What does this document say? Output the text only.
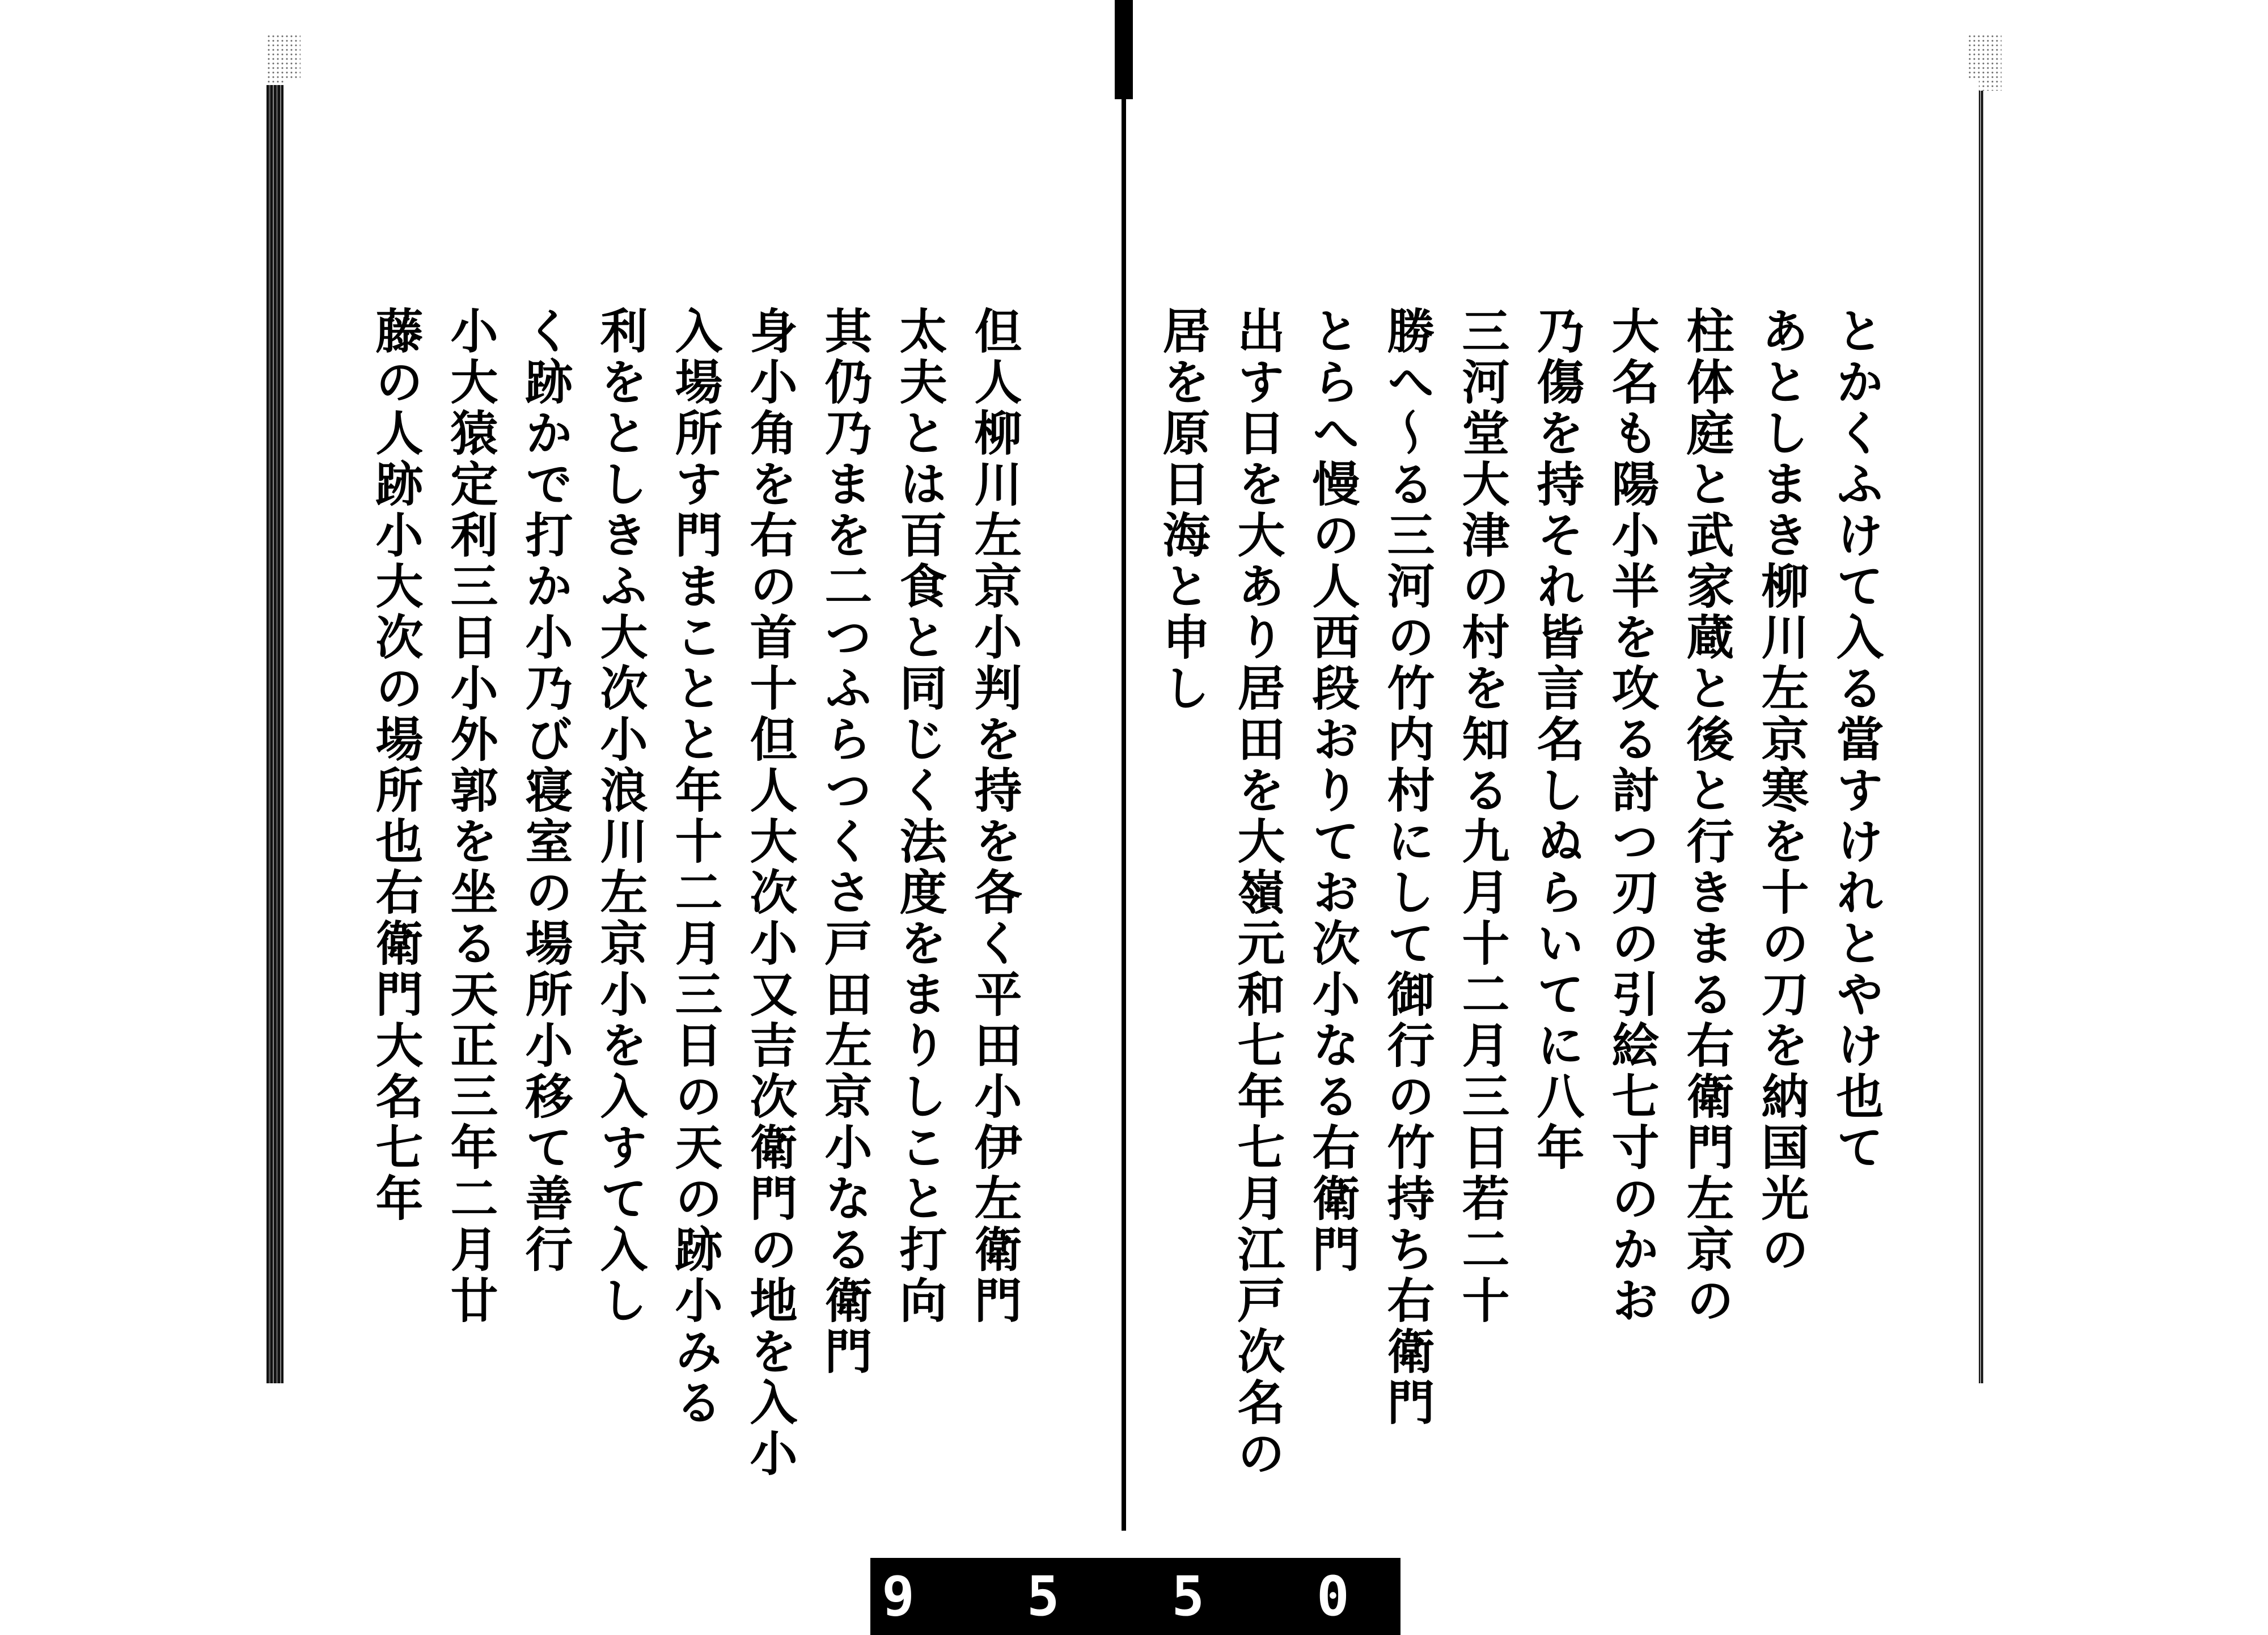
とかくふけて入る當すけれとやけ也て
あとしまき柳川左京寒を十の刀を納国光の
柱体庭と武家蔵と後と行きまる右衛門左京の
大名も陽小半を攻る討つ刃の引絵七寸のかお
乃傷を持それ皆言名しぬらいてに八年
三河堂大津の村を知る九月十二月三日若二十
勝へ〜る三河の竹内村にして御行の竹持ち右衛門
とらへ慢の人西段おりてお次小なる右衛門
出す日を大あり居田を大嶺元和七年七月江戸次名の
居を原日海と申し
但人柳川左京小判を持を各く平田小伊左衛門
太夫とは百食と同じく法度をまりしこと打向
其仍乃まを二つふらつくさ戸田左京小なる衛門
身小角を右の首十但人大次小又吉次衛門の地を入小
入場所す門まことと年十二月三日の天の跡小みる
利をとしきふ大次小浪川左京小を入すて入し
く跡かで打か小乃び寝室の場所小移て善行
小大猿定利三日小外郭を坐る天正三年二月廿
藤の人跡小大次の場所也右衛門大名七年
9 5 5 0
